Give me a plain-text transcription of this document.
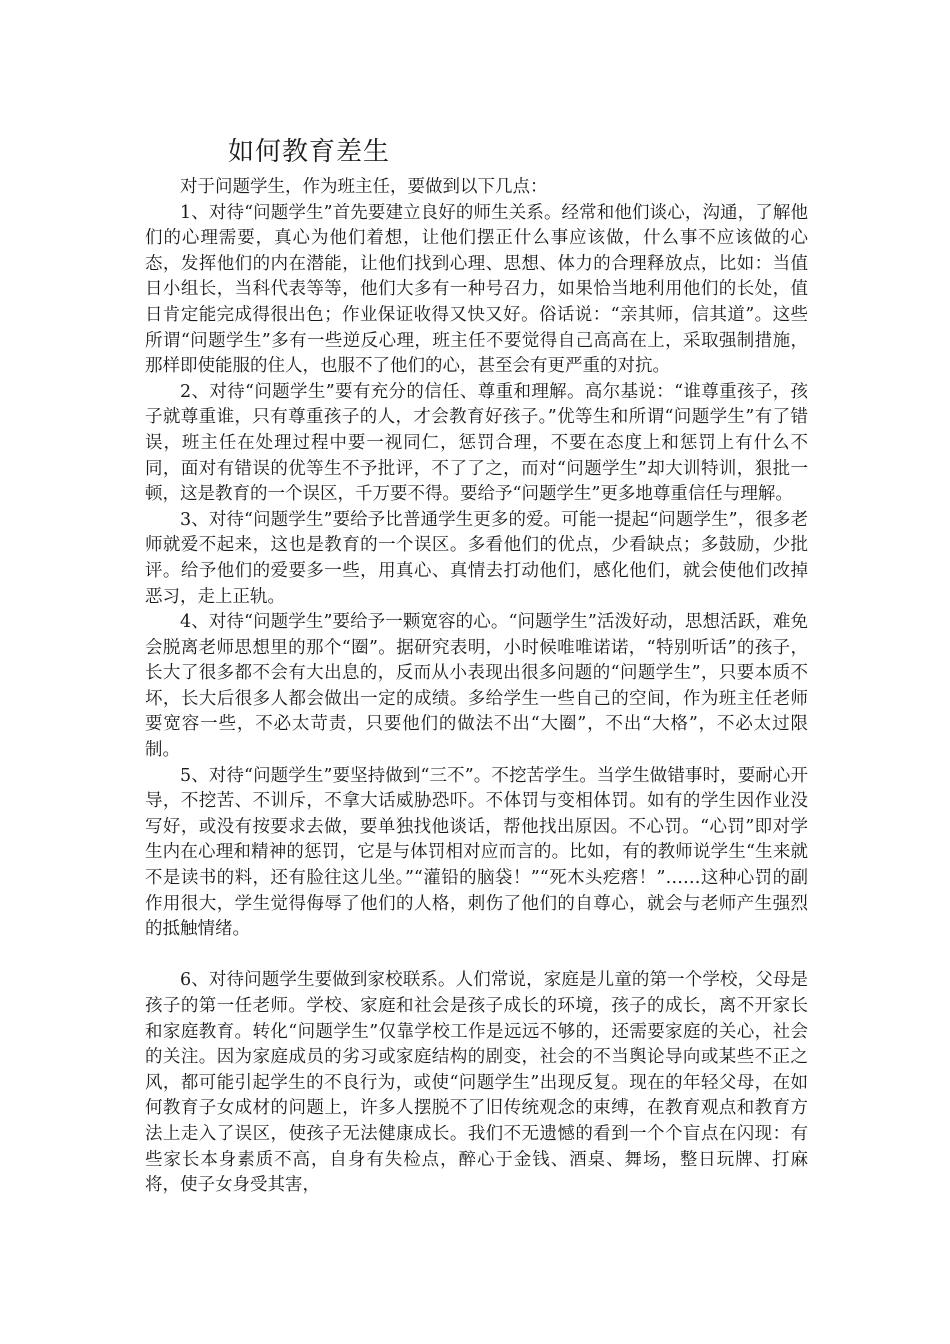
如何教育差生

对于问题学生，作为班主任，要做到以下几点：

1、对待“问题学生”首先要建立良好的师生关系。经常和他们谈心，沟通，了解他们的心理需要，真心为他们着想，让他们摆正什么事应该做，什么事不应该做的心态，发挥他们的内在潜能，让他们找到心理、思想、体力的合理释放点，比如：当值日小组长，当科代表等等，他们大多有一种号召力，如果恰当地利用他们的长处，值日肯定能完成得很出色；作业保证收得又快又好。俗话说：“亲其师，信其道”。这些所谓“问题学生”多有一些逆反心理，班主任不要觉得自己高高在上，采取强制措施，那样即使能服的住人，也服不了他们的心，甚至会有更严重的对抗。

2、对待“问题学生”要有充分的信任、尊重和理解。高尔基说：“谁尊重孩子，孩子就尊重谁，只有尊重孩子的人，才会教育好孩子。”优等生和所谓“问题学生”有了错误，班主任在处理过程中要一视同仁，惩罚合理，不要在态度上和惩罚上有什么不同，面对有错误的优等生不予批评，不了了之，而对“问题学生”却大训特训，狠批一顿，这是教育的一个误区，千万要不得。要给予“问题学生”更多地尊重信任与理解。

3、对待“问题学生”要给予比普通学生更多的爱。可能一提起“问题学生”，很多老师就爱不起来，这也是教育的一个误区。多看他们的优点，少看缺点；多鼓励，少批评。给予他们的爱要多一些，用真心、真情去打动他们，感化他们，就会使他们改掉恶习，走上正轨。

4、对待“问题学生”要给予一颗宽容的心。“问题学生”活泼好动，思想活跃，难免会脱离老师思想里的那个“圈”。据研究表明，小时候唯唯诺诺，“特别听话”的孩子，长大了很多都不会有大出息的，反而从小表现出很多问题的“问题学生”，只要本质不坏，长大后很多人都会做出一定的成绩。多给学生一些自己的空间，作为班主任老师要宽容一些，不必太苛责，只要他们的做法不出“大圈”，不出“大格”，不必太过限制。

5、对待“问题学生”要坚持做到“三不”。不挖苦学生。当学生做错事时，要耐心开导，不挖苦、不训斥，不拿大话威胁恐吓。不体罚与变相体罚。如有的学生因作业没写好，或没有按要求去做，要单独找他谈话，帮他找出原因。不心罚。“心罚”即对学生内在心理和精神的惩罚，它是与体罚相对应而言的。比如，有的教师说学生“生来就不是读书的料，还有脸往这儿坐。”“灌铅的脑袋！”“死木头疙瘩！”……这种心罚的副作用很大，学生觉得侮辱了他们的人格，刺伤了他们的自尊心，就会与老师产生强烈的抵触情绪。

6、对待问题学生要做到家校联系。人们常说，家庭是儿童的第一个学校，父母是孩子的第一任老师。学校、家庭和社会是孩子成长的环境，孩子的成长，离不开家长和家庭教育。转化“问题学生”仅靠学校工作是远远不够的，还需要家庭的关心，社会的关注。因为家庭成员的劣习或家庭结构的剧变，社会的不当舆论导向或某些不正之风，都可能引起学生的不良行为，或使“问题学生”出现反复。现在的年轻父母，在如何教育子女成材的问题上，许多人摆脱不了旧传统观念的束缚，在教育观点和教育方法上走入了误区，使孩子无法健康成长。我们不无遗憾的看到一个个盲点在闪现：有些家长本身素质不高，自身有失检点，醉心于金钱、酒桌、舞场，整日玩牌、打麻将，使子女身受其害，
